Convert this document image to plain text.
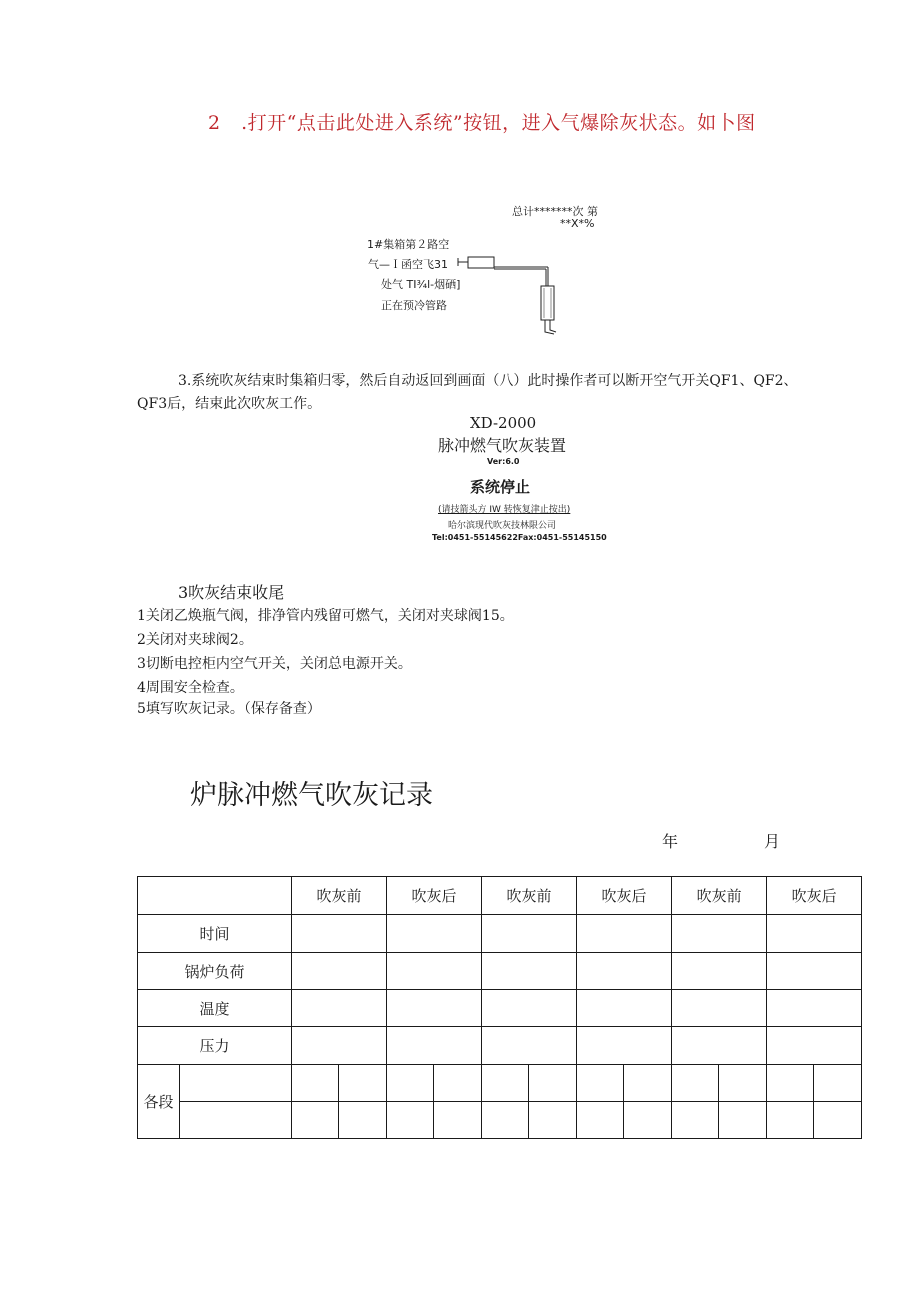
2 .打开“点击此处进入系统”按钮，进入气爆除灰状态。如卜图
总计*******次 第
**X*%
1#集箱第２路空
气—Ｉ函空飞31
处气 TI¾l-烟硒]
正在预冷管路
3.系统吹灰结束时集箱归零，然后自动返回到画面（八）此时操作者可以断开空气开关QF1、QF2、
QF3后，结束此次吹灰工作。
XD-2000
脉冲燃气吹灰装置
Ver:6.0
系统停止
(请技箭头方 IW 转恢复津止按出)
哈尔滨现代吹灰技林限公司
Tel:0451-55145622Fax:0451-55145150
3吹灰结束收尾
1关闭乙焕瓶气阀，排净管内残留可燃气，关闭对夹球阀15。
2关闭对夹球阀2。
3切断电控柜内空气开关，关闭总电源开关。
4周围安全检查。
5填写吹灰记录。（保存备查）
炉脉冲燃气吹灰记录
年	月
		吹灰前		吹灰后		吹灰前		吹灰后		吹灰前		吹灰后	
时间													
锅炉负荷													
温度													
压力													
各段													
